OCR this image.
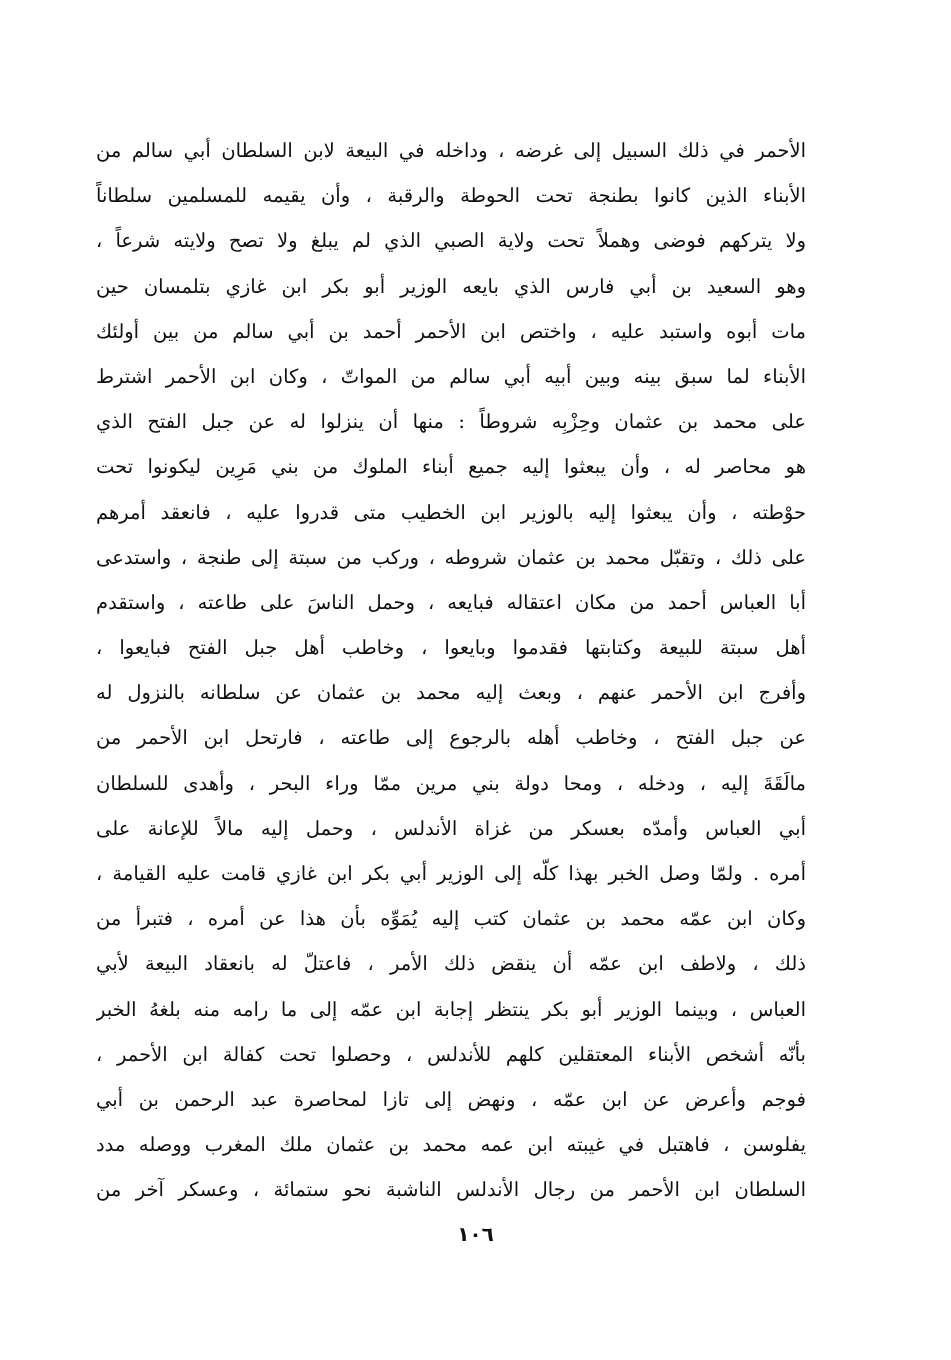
الأحمر في ذلك السبيل إلى غرضه ، وداخله في البيعة لابن السلطان أبي سالم من
الأبناء الذين كانوا بطنجة تحت الحوطة والرقبة ، وأن يقيمه للمسلمين سلطاناً
ولا يتركهم فوضى وهملاً تحت ولاية الصبي الذي لم يبلغ ولا تصح ولايته شرعاً ،
وهو السعيد بن أبي فارس الذي بايعه الوزير أبو بكر ابن غازي بتلمسان حين
مات أبوه واستبد عليه ، واختص ابن الأحمر أحمد بن أبي سالم من بين أولئك
الأبناء لما سبق بينه وبين أبيه أبي سالم من المواتّ ، وكان ابن الأحمر اشترط
على محمد بن عثمان وحِزْبِه شروطاً : منها أن ينزلوا له عن جبل الفتح الذي
هو محاصر له ، وأن يبعثوا إليه جميع أبناء الملوك من بني مَرِين ليكونوا تحت
حوْطته ، وأن يبعثوا إليه بالوزير ابن الخطيب متى قدروا عليه ، فانعقد أمرهم
على ذلك ، وتقبّل محمد بن عثمان شروطه ، وركب من سبتة إلى طنجة ، واستدعى
أبا العباس أحمد من مكان اعتقاله فبايعه ، وحمل الناسَ على طاعته ، واستقدم
أهل سبتة للبيعة وكتابتها فقدموا وبايعوا ، وخاطب أهل جبل الفتح فبايعوا ،
وأفرج ابن الأحمر عنهم ، وبعث إليه محمد بن عثمان عن سلطانه بالنزول له
عن جبل الفتح ، وخاطب أهله بالرجوع إلى طاعته ، فارتحل ابن الأحمر من
مالَقَةَ إليه ، ودخله ، ومحا دولة بني مرين ممّا وراء البحر ، وأهدى للسلطان
أبي العباس وأمدّه بعسكر من غزاة الأندلس ، وحمل إليه مالاً للإعانة على
أمره . ولمّا وصل الخبر بهذا كلّه إلى الوزير أبي بكر ابن غازي قامت عليه القيامة ،
وكان ابن عمّه محمد بن عثمان كتب إليه يُمَوِّه بأن هذا عن أمره ، فتبرأ من
ذلك ، ولاطف ابن عمّه أن ينقض ذلك الأمر ، فاعتلّ له بانعقاد البيعة لأبي
العباس ، وبينما الوزير أبو بكر ينتظر إجابة ابن عمّه إلى ما رامه منه بلغهُ الخبر
بأنّه أشخص الأبناء المعتقلين كلهم للأندلس ، وحصلوا تحت كفالة ابن الأحمر ،
فوجم وأعرض عن ابن عمّه ، ونهض إلى تازا لمحاصرة عبد الرحمن بن أبي
يفلوسن ، فاهتبل في غيبته ابن عمه محمد بن عثمان ملك المغرب ووصله مدد
السلطان ابن الأحمر من رجال الأندلس الناشبة نحو ستمائة ، وعسكر آخر من
١٠٦
